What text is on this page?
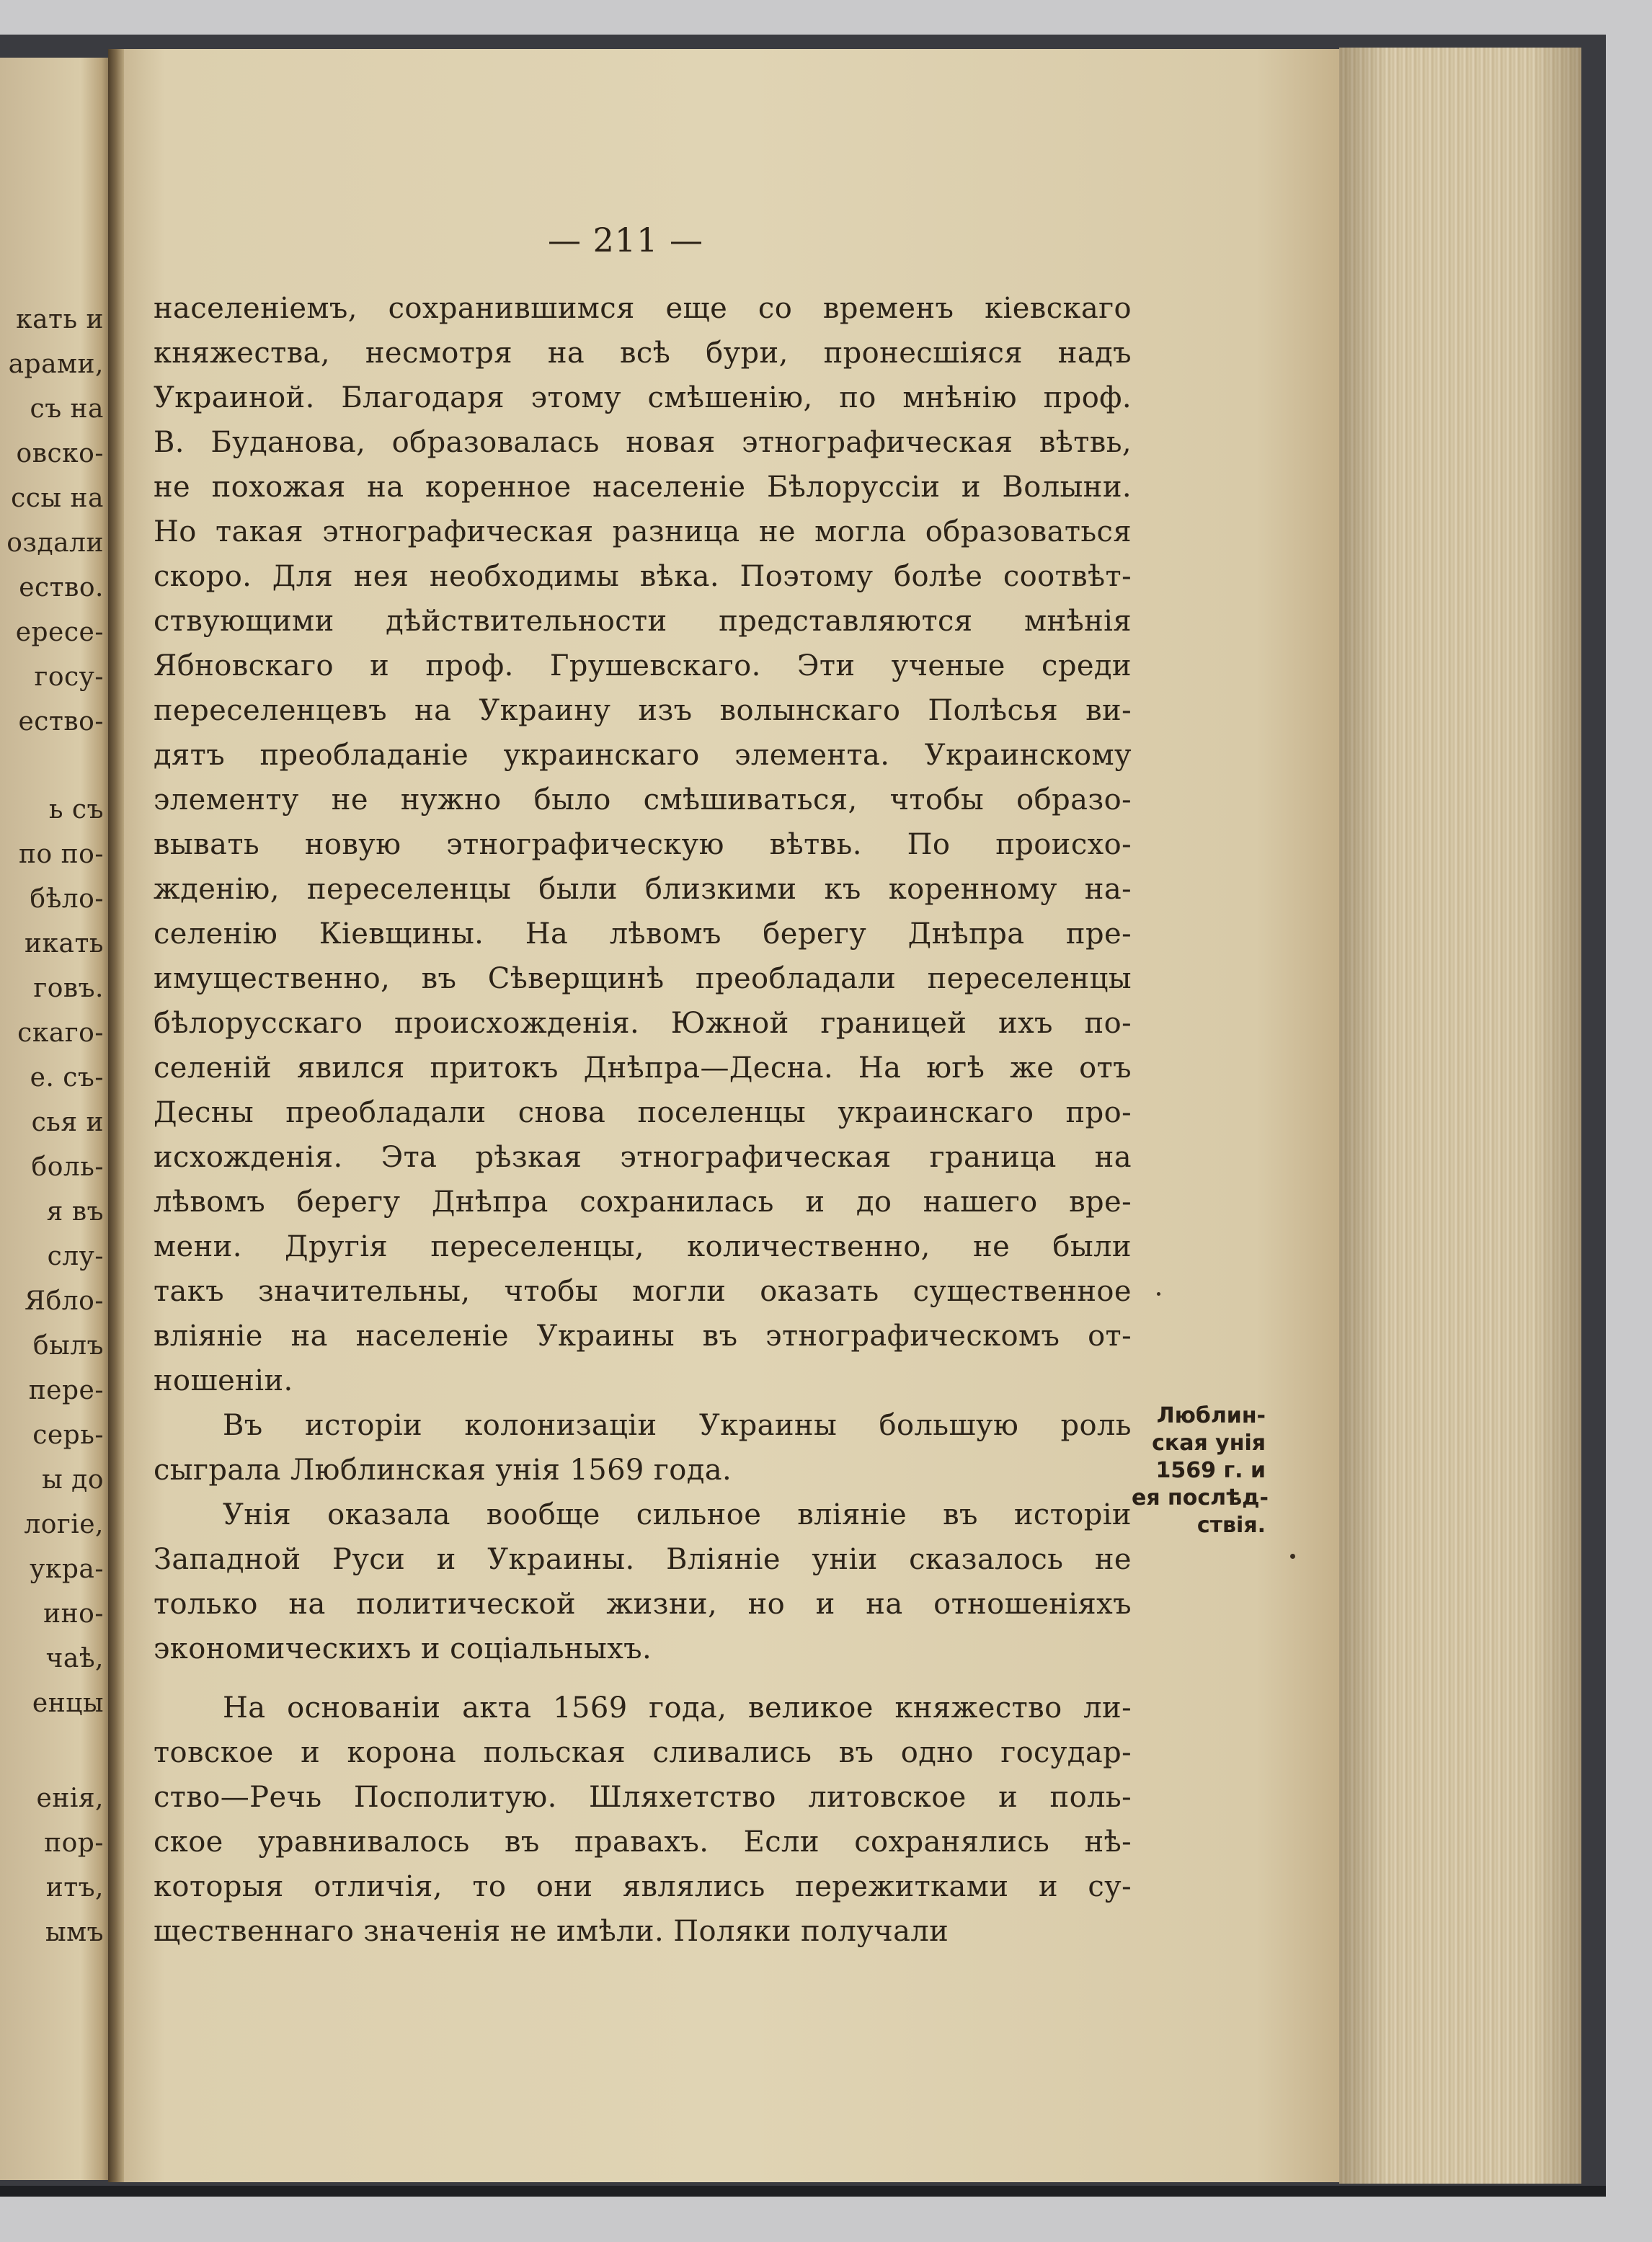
кать и
арами,
съ на
овско-
ссы на
оздали
ество.
ересе-
госу-
ество-
ь съ
по по-
бѣло-
икать
говъ.
скаго-
е. съ-
сья и
боль-
я въ
слу-
Ябло-
былъ
пере-
серь-
ы до
логіе,
укра-
ино-
чаѣ,
енцы
енія,
пор-
итъ,
ымъ
— 211 —
населеніемъ, сохранившимся еще со временъ кіевскаго
княжества, несмотря на всѣ бури, пронесшіяся надъ
Украиной. Благодаря этому смѣшенію, по мнѣнію проф.
В. Буданова, образовалась новая этнографическая вѣтвь,
не похожая на коренное населеніе Бѣлоруссіи и Волыни.
Но такая этнографическая разница не могла образоваться
скоро. Для нея необходимы вѣка. Поэтому болѣе соотвѣт-
ствующими дѣйствительности представляются мнѣнія
Ябновскаго и проф. Грушевскаго. Эти ученые среди
переселенцевъ на Украину изъ волынскаго Полѣсья ви-
дятъ преобладаніе украинскаго элемента. Украинскому
элементу не нужно было смѣшиваться, чтобы образо-
вывать новую этнографическую вѣтвь. По происхо-
жденію, переселенцы были близкими къ коренному на-
селенію Кіевщины. На лѣвомъ берегу Днѣпра пре-
имущественно, въ Сѣверщинѣ преобладали переселенцы
бѣлорусскаго происхожденія. Южной границей ихъ по-
селеній явился притокъ Днѣпра—Десна. На югѣ же отъ
Десны преобладали снова поселенцы украинскаго про-
исхожденія. Эта рѣзкая этнографическая граница на
лѣвомъ берегу Днѣпра сохранилась и до нашего вре-
мени. Другія переселенцы, количественно, не были
такъ значительны, чтобы могли оказать существенное
вліяніе на населеніе Украины въ этнографическомъ от-
ношеніи.
Въ исторіи колонизаціи Украины большую роль
сыграла Люблинская унія 1569 года.
Унія оказала вообще сильное вліяніе въ исторіи
Западной Руси и Украины. Вліяніе уніи сказалось не
только на политической жизни, но и на отношеніяхъ
экономическихъ и соціальныхъ.
На основаніи акта 1569 года, великое княжество ли-
товское и корона польская сливались въ одно государ-
ство—Речь Посполитую. Шляхетство литовское и поль-
ское уравнивалось въ правахъ. Если сохранялись нѣ-
которыя отличія, то они являлись пережитками и су-
щественнаго значенія не имѣли. Поляки получали
Люблин-
ская унія
1569 г. и
ея послѣд-
ствія.
